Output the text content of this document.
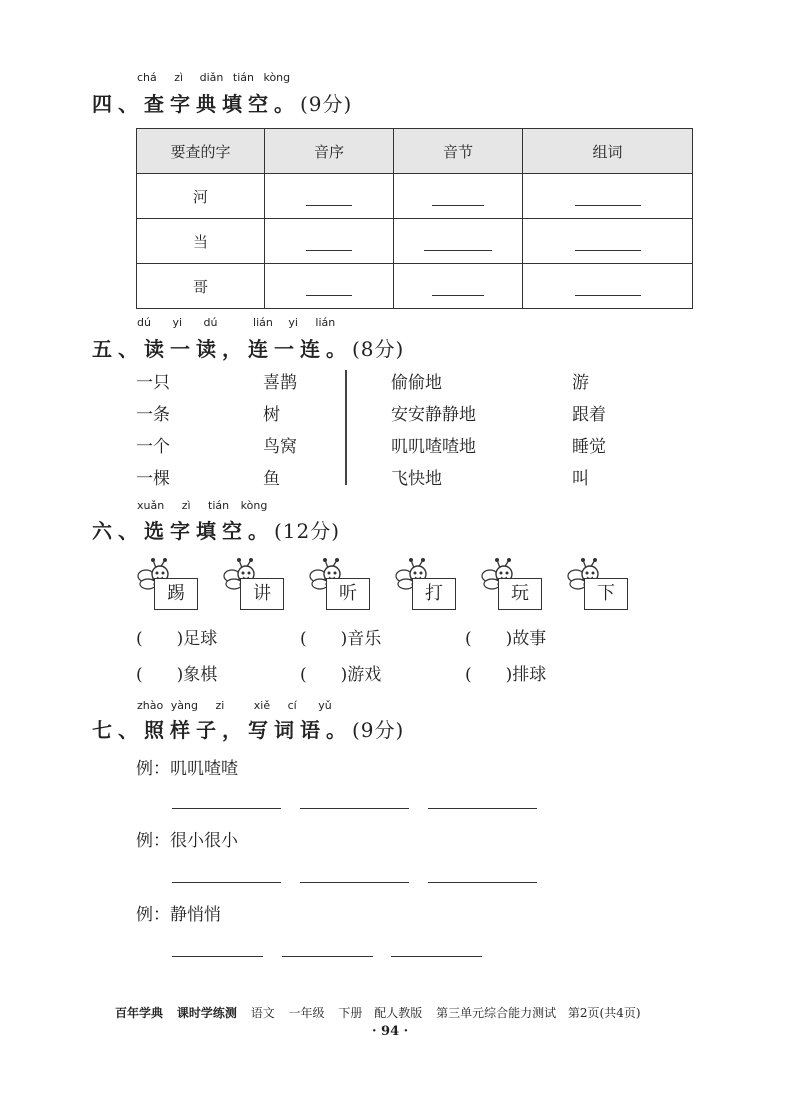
chá zì diǎn tián kòng
四、查字典填空。(9分)
要查的字	音序	音节	组词
河			
当			
哥			
dú yi dú	lián yi lián
五、读一读，连一连。(8分)
一只
一条
一个
一棵
喜鹊
树
鸟窝
鱼
偷偷地
安安静静地
叽叽喳喳地
飞快地
游
跟着
睡觉
叫
xuǎn zì tián kòng
六、选字填空。(12分)
踢	讲	听	打	玩	下
(　　)足球	(　　)音乐	(　　)故事
(　　)象棋	(　　)游戏	(　　)排球
zhào yàng zi	xiě cí yǔ
七、照样子，写词语。(9分)
例：叽叽喳喳
例：很小很小
例：静悄悄
百年学典 课时学练测 语文 一年级 下册 配人教版 第三单元综合能力测试 第2页(共4页)
· 94 ·
